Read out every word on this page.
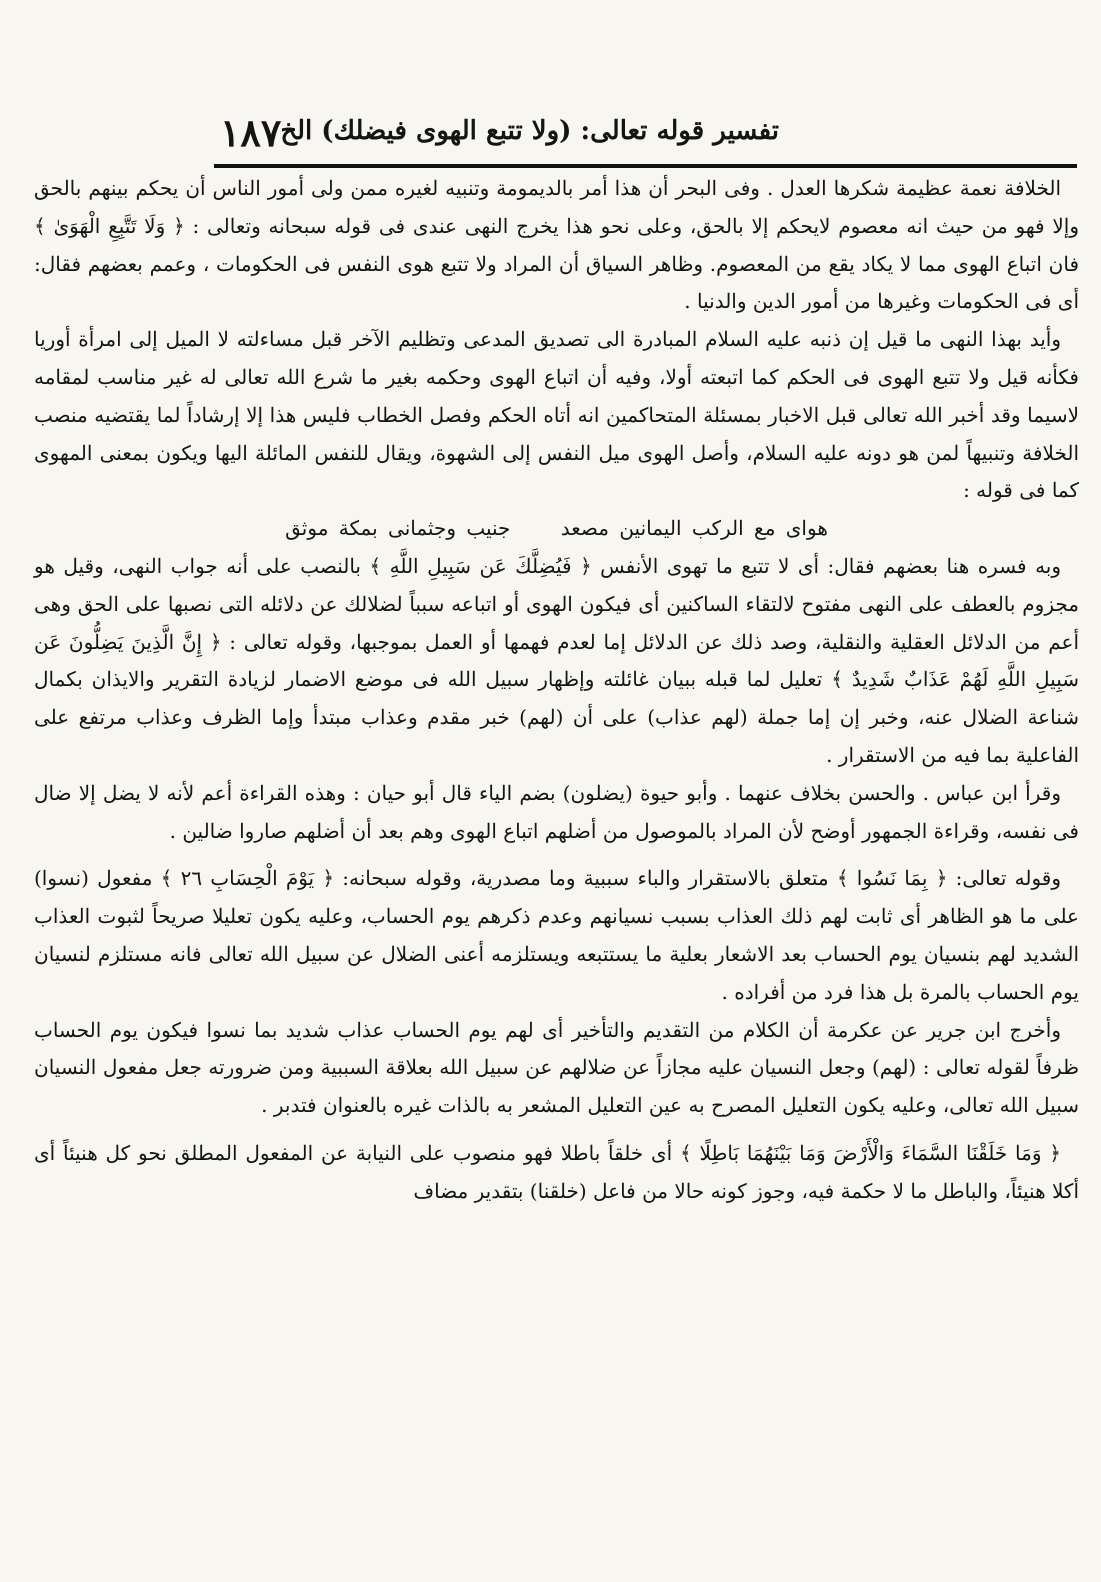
تفسير قوله تعالى: (ولا تتبع الهوى فيضلك) الخ
١٨٧

الخلافة نعمة عظيمة شكرها العدل . وفى البحر أن هذا أمر بالديمومة وتنبيه لغيره ممن ولى أمور الناس أن يحكم بينهم بالحق وإلا فهو من حيث انه معصوم لايحكم إلا بالحق، وعلى نحو هذا يخرج النهى عندى فى قوله سبحانه وتعالى : ﴿ وَلَا تَتَّبِعِ الْهَوَىٰ ﴾ فان اتباع الهوى مما لا يكاد يقع من المعصوم. وظاهر السياق أن المراد ولا تتبع هوى النفس فى الحكومات ، وعمم بعضهم فقال: أى فى الحكومات وغيرها من أمور الدين والدنيا .

وأيد بهذا النهى ما قيل إن ذنبه عليه السلام المبادرة الى تصديق المدعى وتظليم الآخر قبل مساءلته لا الميل إلى امرأة أوريا فكأنه قيل ولا تتبع الهوى فى الحكم كما اتبعته أولا، وفيه أن اتباع الهوى وحكمه بغير ما شرع الله تعالى له غير مناسب لمقامه لاسيما وقد أخبر الله تعالى قبل الاخبار بمسئلة المتحاكمين انه أتاه الحكم وفصل الخطاب فليس هذا إلا إرشاداً لما يقتضيه منصب الخلافة وتنبيهاً لمن هو دونه عليه السلام، وأصل الهوى ميل النفس إلى الشهوة، ويقال للنفس المائلة اليها ويكون بمعنى المهوى كما فى قوله :

هواى مع الركب اليمانين مصعد جنيب وجثمانى بمكة موثق

وبه فسره هنا بعضهم فقال: أى لا تتبع ما تهوى الأنفس ﴿ فَيُضِلَّكَ عَن سَبِيلِ اللَّهِ ﴾ بالنصب على أنه جواب النهى، وقيل هو مجزوم بالعطف على النهى مفتوح لالتقاء الساكنين أى فيكون الهوى أو اتباعه سبباً لضلالك عن دلائله التى نصبها على الحق وهى أعم من الدلائل العقلية والنقلية، وصد ذلك عن الدلائل إما لعدم فهمها أو العمل بموجبها، وقوله تعالى : ﴿ إِنَّ الَّذِينَ يَضِلُّونَ عَن سَبِيلِ اللَّهِ لَهُمْ عَذَابٌ شَدِيدٌ ﴾ تعليل لما قبله ببيان غائلته وإظهار سبيل الله فى موضع الاضمار لزيادة التقرير والايذان بكمال شناعة الضلال عنه، وخبر إن إما جملة (لهم عذاب) على أن (لهم) خبر مقدم وعذاب مبتدأ وإما الظرف وعذاب مرتفع على الفاعلية بما فيه من الاستقرار .

وقرأ ابن عباس . والحسن بخلاف عنهما . وأبو حيوة (يضلون) بضم الياء قال أبو حيان : وهذه القراءة أعم لأنه لا يضل إلا ضال فى نفسه، وقراءة الجمهور أوضح لأن المراد بالموصول من أضلهم اتباع الهوى وهم بعد أن أضلهم صاروا ضالين .

وقوله تعالى: ﴿ بِمَا نَسُوا ﴾ متعلق بالاستقرار والباء سببية وما مصدرية، وقوله سبحانه: ﴿ يَوْمَ الْحِسَابِ ٢٦ ﴾ مفعول (نسوا) على ما هو الظاهر أى ثابت لهم ذلك العذاب بسبب نسيانهم وعدم ذكرهم يوم الحساب، وعليه يكون تعليلا صريحاً لثبوت العذاب الشديد لهم بنسيان يوم الحساب بعد الاشعار بعلية ما يستتبعه ويستلزمه أعنى الضلال عن سبيل الله تعالى فانه مستلزم لنسيان يوم الحساب بالمرة بل هذا فرد من أفراده .

وأخرج ابن جرير عن عكرمة أن الكلام من التقديم والتأخير أى لهم يوم الحساب عذاب شديد بما نسوا فيكون يوم الحساب ظرفاً لقوله تعالى : (لهم) وجعل النسيان عليه مجازاً عن ضلالهم عن سبيل الله بعلاقة السببية ومن ضرورته جعل مفعول النسيان سبيل الله تعالى، وعليه يكون التعليل المصرح به عين التعليل المشعر به بالذات غيره بالعنوان فتدبر .

﴿ وَمَا خَلَقْنَا السَّمَاءَ وَالْأَرْضَ وَمَا بَيْنَهُمَا بَاطِلًا ﴾ أى خلقاً باطلا فهو منصوب على النيابة عن المفعول المطلق نحو كل هنيئاً أى أكلا هنيئاً، والباطل ما لا حكمة فيه، وجوز كونه حالا من فاعل (خلقنا) بتقدير مضاف
